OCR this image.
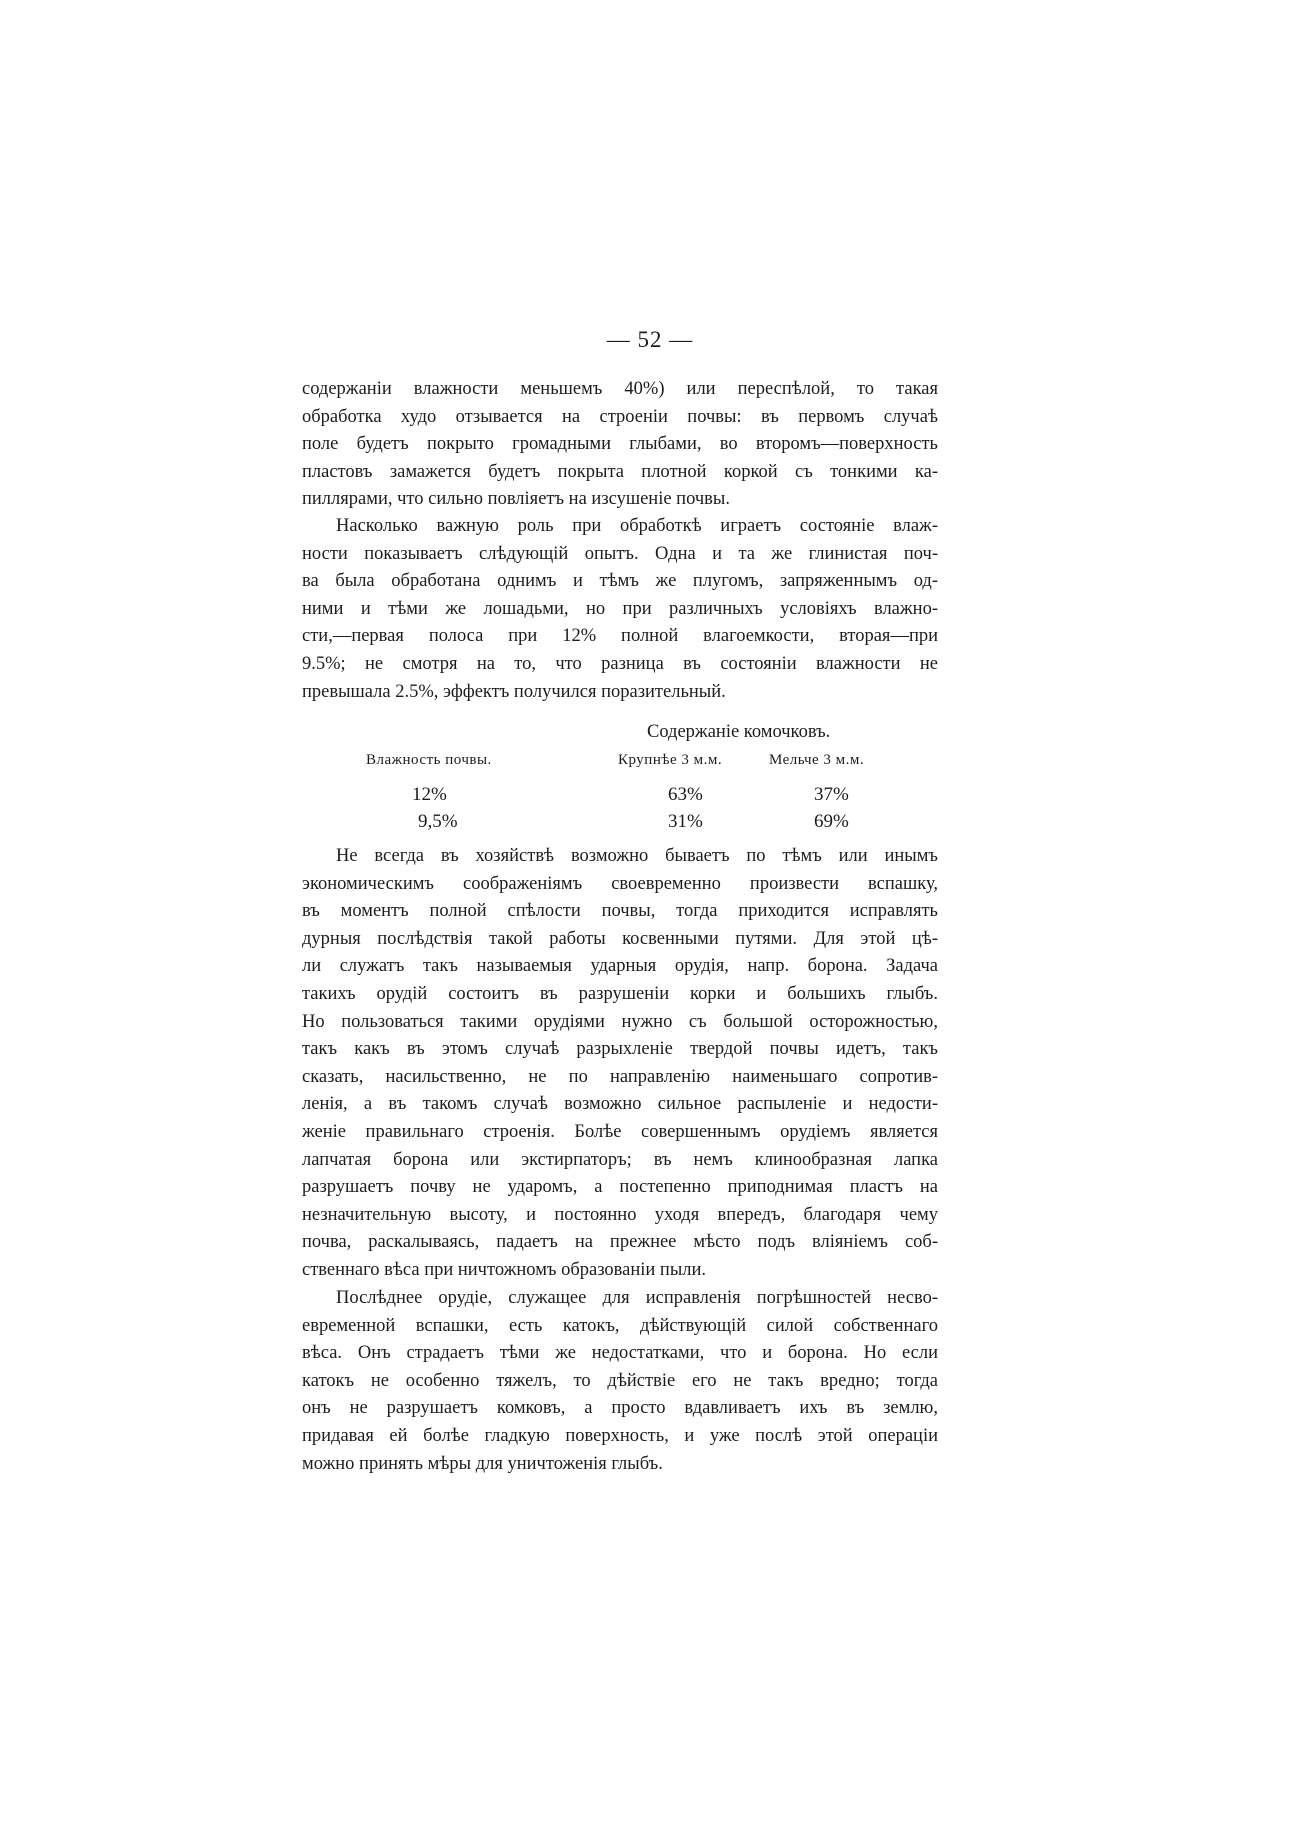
— 52 —
содержанiи влажности меньшемъ 40%) или переспѣлой, то такая
обработка худо отзывается на строенiи почвы: въ первомъ случаѣ
поле будетъ покрыто громадными глыбами, во второмъ—поверхность
пластовъ замажется будетъ покрыта плотной коркой съ тонкими ка-
пиллярами, что сильно повлiяетъ на изсушенiе почвы.
Насколько важную роль при обработкѣ играетъ состоянiе влаж-
ности показываетъ слѣдующiй опытъ. Одна и та же глинистая поч-
ва была обработана однимъ и тѣмъ же плугомъ, запряженнымъ од-
ними и тѣми же лошадьми, но при различныхъ условiяхъ влажно-
сти,—первая полоса при 12% полной влагоемкости, вторая—при
9.5%; не смотря на то, что разница въ состоянiи влажности не
превышала 2.5%, эффектъ получился поразительный.
Содержанiе комочковъ.
Влажность почвы.	Крупнѣе 3 м.м.	Мельче 3 м.м.
12%	63%	37%
9,5%	31%	69%
Не всегда въ хозяйствѣ возможно бываетъ по тѣмъ или инымъ
экономическимъ соображенiямъ своевременно произвести вспашку,
въ моментъ полной спѣлости почвы, тогда приходится исправлять
дурныя послѣдствiя такой работы косвенными путями. Для этой цѣ-
ли служатъ такъ называемыя ударныя орудiя, напр. борона. Задача
такихъ орудiй состоитъ въ разрушенiи корки и большихъ глыбъ.
Но пользоваться такими орудiями нужно съ большой осторожностью,
такъ какъ въ этомъ случаѣ разрыхленiе твердой почвы идетъ, такъ
сказать, насильственно, не по направленiю наименьшаго сопротив-
ленiя, а въ такомъ случаѣ возможно сильное распыленiе и недости-
женiе правильнаго строенiя. Болѣе совершеннымъ орудiемъ является
лапчатая борона или экстирпаторъ; въ немъ клинообразная лапка
разрушаетъ почву не ударомъ, а постепенно приподнимая пластъ на
незначительную высоту, и постоянно уходя впередъ, благодаря чему
почва, раскалываясь, падаетъ на прежнее мѣсто подъ влiянiемъ соб-
ственнаго вѣса при ничтожномъ образованiи пыли.
Послѣднее орудiе, служащее для исправленiя погрѣшностей несво-
евременной вспашки, есть катокъ, дѣйствующiй силой собственнаго
вѣса. Онъ страдаетъ тѣми же недостатками, что и борона. Но если
катокъ не особенно тяжелъ, то дѣйствiе его не такъ вредно; тогда
онъ не разрушаетъ комковъ, а просто вдавливаетъ ихъ въ землю,
придавая ей болѣе гладкую поверхность, и уже послѣ этой операцiи
можно принять мѣры для уничтоженiя глыбъ.
